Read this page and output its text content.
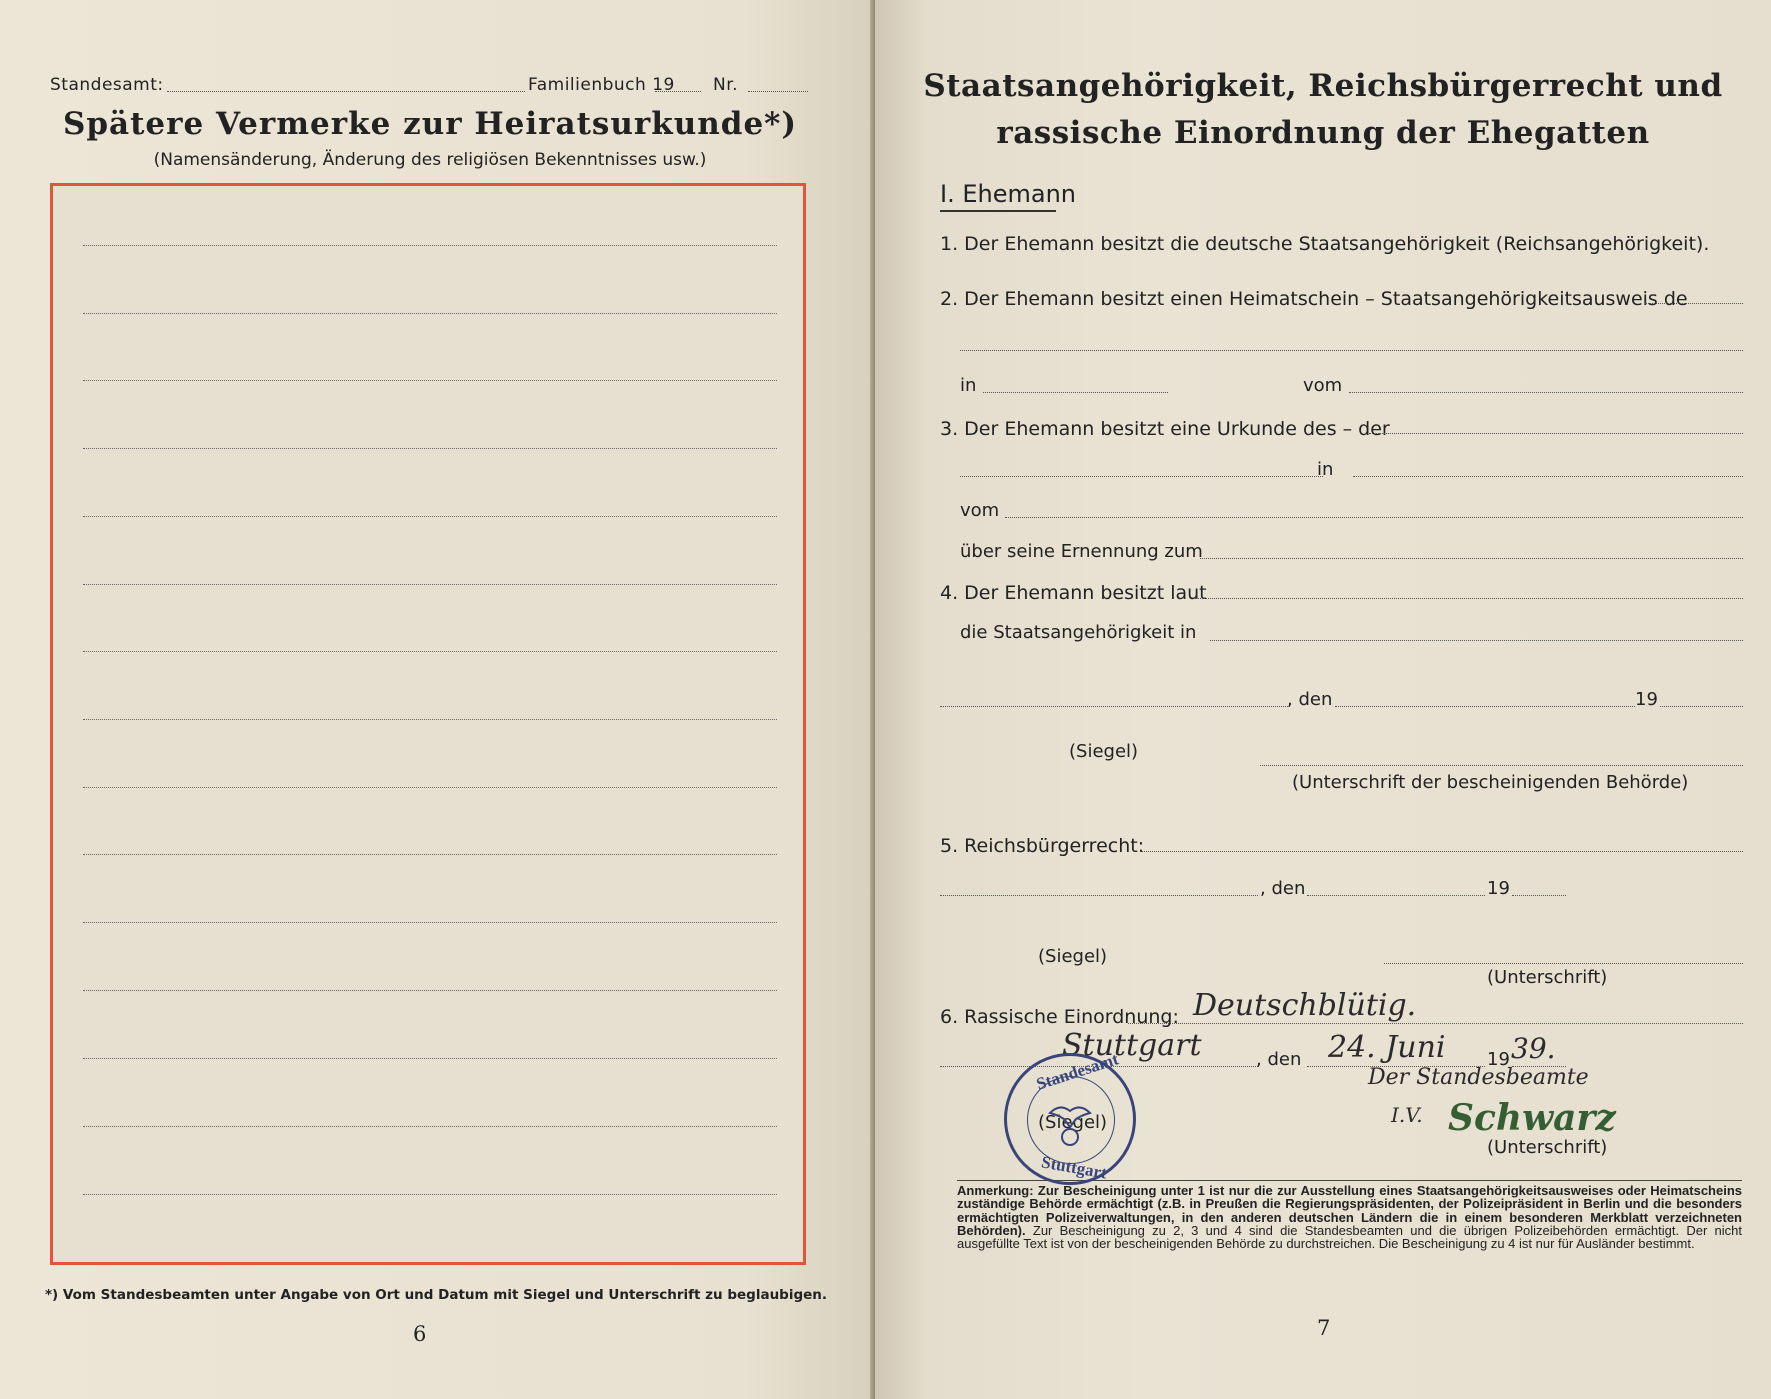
Standesamt:	Familienbuch 19 Nr.
Spätere Vermerke zur Heiratsurkunde*)
(Namensänderung, Änderung des religiösen Bekenntnisses usw.)
*) Vom Standesbeamten unter Angabe von Ort und Datum mit Siegel und Unterschrift zu beglaubigen.
6
Staatsangehörigkeit, Reichsbürgerrecht und
rassische Einordnung der Ehegatten
I. Ehemann
1. Der Ehemann besitzt die deutsche Staatsangehörigkeit (Reichsangehörigkeit).
2. Der Ehemann besitzt einen Heimatschein – Staatsangehörigkeitsausweis de
in	vom
3. Der Ehemann besitzt eine Urkunde des – der
in
vom
über seine Ernennung zum
4. Der Ehemann besitzt laut
die Staatsangehörigkeit in
, den	19
(Siegel)
(Unterschrift der bescheinigenden Behörde)
5. Reichsbürgerrecht:
, den	19
(Siegel)
(Unterschrift)
6. Rassische Einordnung: Deutschblütig.
Stuttgart	, den 24. Juni 19 39.
Der Standesbeamte
I.V. Schwarz
(Siegel)
(Unterschrift)
Anmerkung: Zur Bescheinigung unter 1 ist nur die zur Ausstellung eines Staatsangehörigkeitsausweises oder Heimatscheins zuständige Behörde ermächtigt (z.B. in Preußen die Regierungspräsidenten, der Polizeipräsident in Berlin und die besonders ermächtigten Polizeiverwaltungen, in den anderen deutschen Ländern die in einem besonderen Merkblatt verzeichneten Behörden). Zur Bescheinigung zu 2, 3 und 4 sind die Standesbeamten und die übrigen Polizeibehörden ermächtigt. Der nicht ausgefüllte Text ist von der bescheinigenden Behörde zu durchstreichen. Die Bescheinigung zu 4 ist nur für Ausländer bestimmt.
7
Standesamt
Stuttgart
